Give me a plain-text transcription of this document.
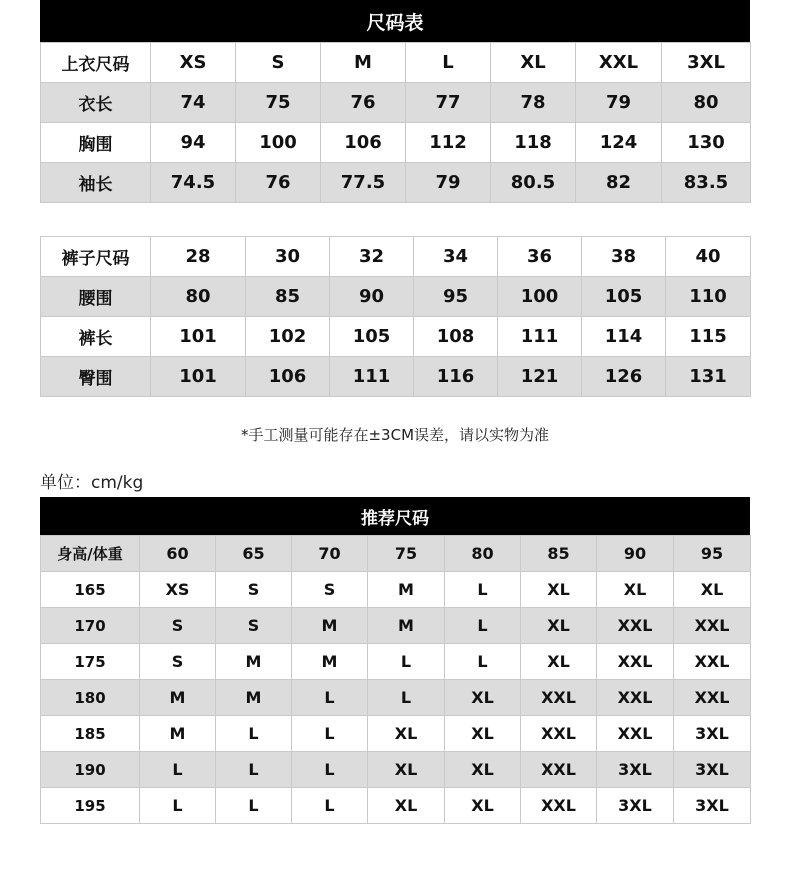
尺码表
上衣尺码	XS	S	M	L	XL	XXL	3XL
衣长	74	75	76	77	78	79	80
胸围	94	100	106	112	118	124	130
袖长	74.5	76	77.5	79	80.5	82	83.5
裤子尺码	28	30	32	34	36	38	40
腰围	80	85	90	95	100	105	110
裤长	101	102	105	108	111	114	115
臀围	101	106	111	116	121	126	131
*手工测量可能存在±3CM误差，请以实物为准
单位：cm/kg
推荐尺码
身高/体重	60	65	70	75	80	85	90	95
165	XS	S	S	M	L	XL	XL	XL
170	S	S	M	M	L	XL	XXL	XXL
175	S	M	M	L	L	XL	XXL	XXL
180	M	M	L	L	XL	XXL	XXL	XXL
185	M	L	L	XL	XL	XXL	XXL	3XL
190	L	L	L	XL	XL	XXL	3XL	3XL
195	L	L	L	XL	XL	XXL	3XL	3XL
